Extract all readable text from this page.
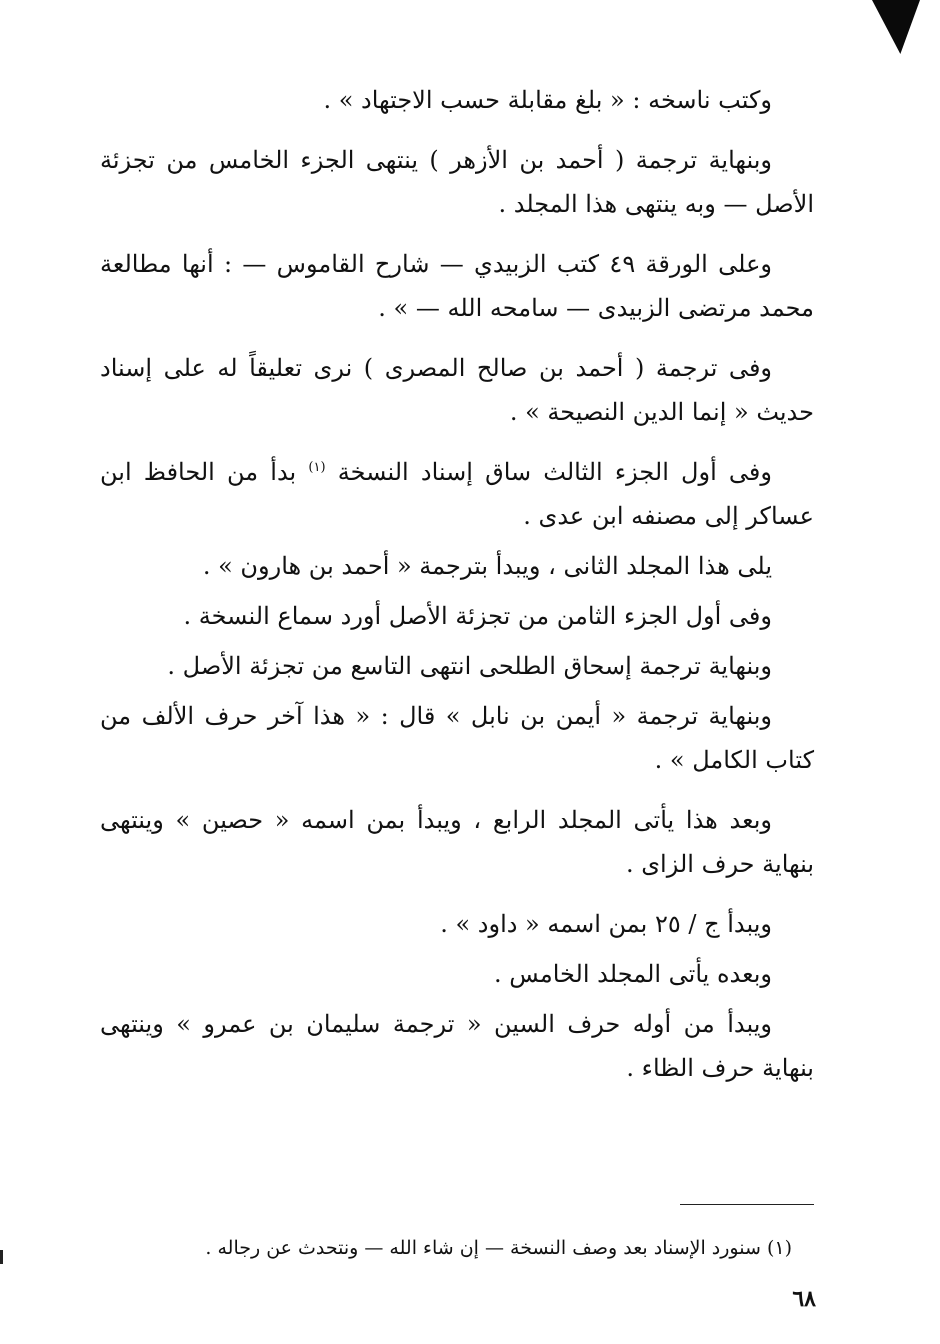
وكتب ناسخه : « بلغ مقابلة حسب الاجتهاد » .

وبنهاية ترجمة ( أحمد بن الأزهر ) ينتهى الجزء الخامس من تجزئة الأصل — وبه ينتهى هذا المجلد .

وعلى الورقة ٤٩ كتب الزبيدي — شارح القاموس — : أنها مطالعة محمد مرتضى الزبيدى — سامحه الله — » .

وفى ترجمة ( أحمد بن صالح المصرى ) نرى تعليقاً له على إسناد حديث « إنما الدين النصيحة » .

وفى أول الجزء الثالث ساق إسناد النسخة $^{(١)}$ بدأ من الحافظ ابن عساكر إلى مصنفه ابن عدى .

يلى هذا المجلد الثانى ، ويبدأ بترجمة « أحمد بن هارون » .

وفى أول الجزء الثامن من تجزئة الأصل أورد سماع النسخة .

وبنهاية ترجمة إسحاق الطلحى انتهى التاسع من تجزئة الأصل .

وبنهاية ترجمة « أيمن بن نابل » قال : « هذا آخر حرف الألف من كتاب الكامل » .

وبعد هذا يأتى المجلد الرابع ، ويبدأ بمن اسمه « حصين » وينتهى بنهاية حرف الزاى .

ويبدأ ج / ٢٥ بمن اسمه « داود » .

وبعده يأتى المجلد الخامس .

ويبدأ من أوله حرف السين « ترجمة سليمان بن عمرو » وينتهى بنهاية حرف الظاء .

(١) سنورد الإسناد بعد وصف النسخة — إن شاء الله — ونتحدث عن رجاله .
٦٨
